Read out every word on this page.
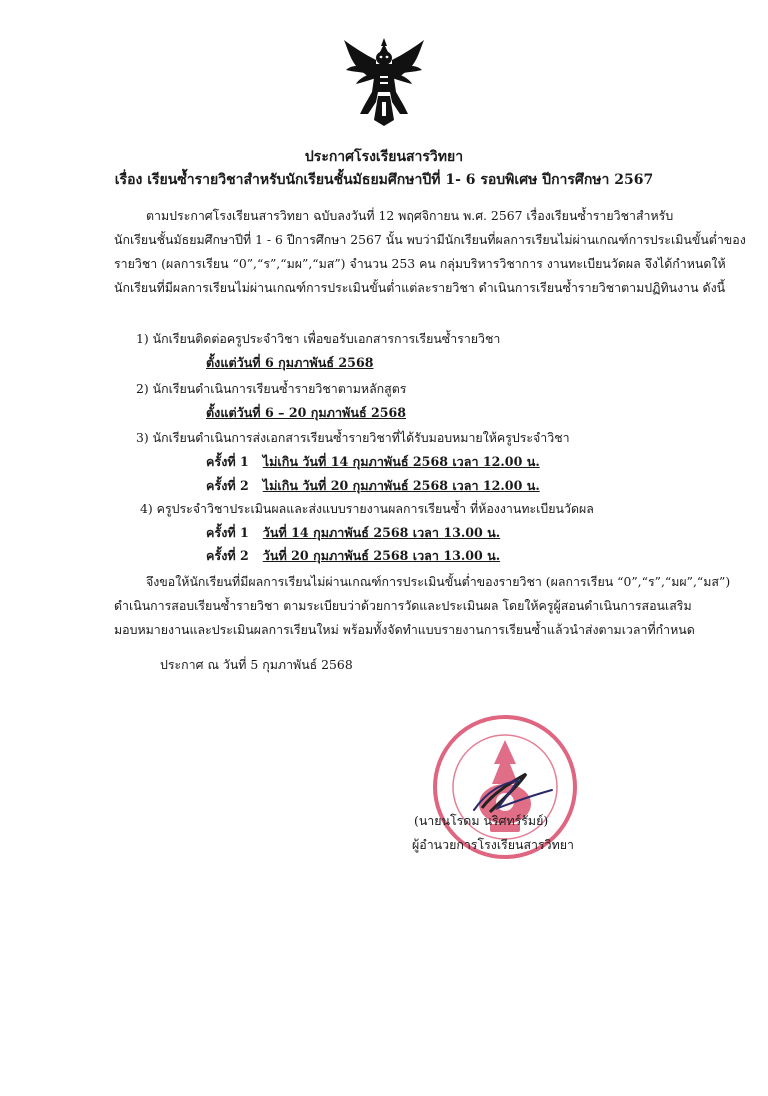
ประกาศโรงเรียนสารวิทยา
เรื่อง เรียนซ้ำรายวิชาสำหรับนักเรียนชั้นมัธยมศึกษาปีที่ 1- 6 รอบพิเศษ ปีการศึกษา 2567
ตามประกาศโรงเรียนสารวิทยา ฉบับลงวันที่ 12 พฤศจิกายน พ.ศ. 2567 เรื่องเรียนซ้ำรายวิชาสำหรับ
นักเรียนชั้นมัธยมศึกษาปีที่ 1 - 6 ปีการศึกษา 2567 นั้น พบว่ามีนักเรียนที่ผลการเรียนไม่ผ่านเกณฑ์การประเมินขั้นต่ำของ
รายวิชา (ผลการเรียน “0”,“ร”,“มผ”,“มส”) จำนวน 253 คน กลุ่มบริหารวิชาการ งานทะเบียนวัดผล จึงได้กำหนดให้
นักเรียนที่มีผลการเรียนไม่ผ่านเกณฑ์การประเมินขั้นต่ำแต่ละรายวิชา ดำเนินการเรียนซ้ำรายวิชาตามปฏิทินงาน ดังนี้
1) นักเรียนติดต่อครูประจำวิชา เพื่อขอรับเอกสารการเรียนซ้ำรายวิชา
ตั้งแต่วันที่ 6 กุมภาพันธ์ 2568
2) นักเรียนดำเนินการเรียนซ้ำรายวิชาตามหลักสูตร
ตั้งแต่วันที่ 6 – 20 กุมภาพันธ์ 2568
3) นักเรียนดำเนินการส่งเอกสารเรียนซ้ำรายวิชาที่ได้รับมอบหมายให้ครูประจำวิชา
ครั้งที่ 1 ไม่เกิน วันที่ 14 กุมภาพันธ์ 2568 เวลา 12.00 น.
ครั้งที่ 2 ไม่เกิน วันที่ 20 กุมภาพันธ์ 2568 เวลา 12.00 น.
4) ครูประจำวิชาประเมินผลและส่งแบบรายงานผลการเรียนซ้ำ ที่ห้องงานทะเบียนวัดผล
ครั้งที่ 1 วันที่ 14 กุมภาพันธ์ 2568 เวลา 13.00 น.
ครั้งที่ 2 วันที่ 20 กุมภาพันธ์ 2568 เวลา 13.00 น.
จึงขอให้นักเรียนที่มีผลการเรียนไม่ผ่านเกณฑ์การประเมินขั้นต่ำของรายวิชา (ผลการเรียน “0”,“ร”,“มผ”,“มส”)
ดำเนินการสอบเรียนซ้ำรายวิชา ตามระเบียบว่าด้วยการวัดและประเมินผล โดยให้ครูผู้สอนดำเนินการสอนเสริม
มอบหมายงานและประเมินผลการเรียนใหม่ พร้อมทั้งจัดทำแบบรายงานการเรียนซ้ำแล้วนำส่งตามเวลาที่กำหนด
ประกาศ ณ วันที่ 5 กุมภาพันธ์ 2568
(นายนโรดม นริศทร์รัมย์)
ผู้อำนวยการโรงเรียนสารวิทยา
